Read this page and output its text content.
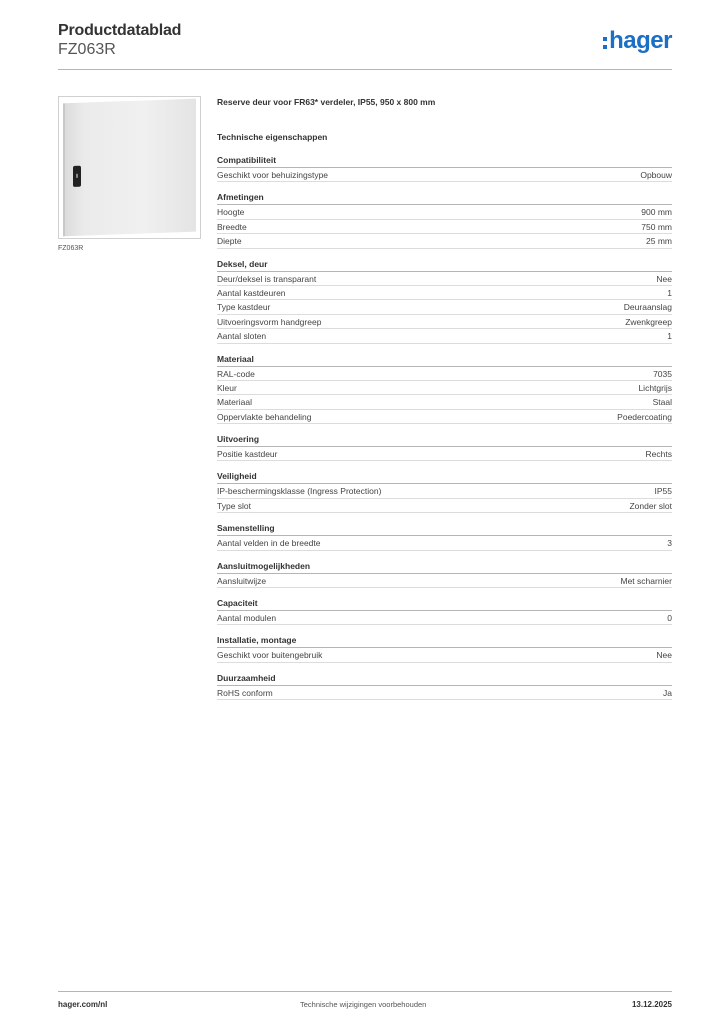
Productdatablad
FZ063R	hager
FZ063R
Reserve deur voor FR63* verdeler, IP55, 950 x 800 mm
Technische eigenschappen
Compatibiliteit
Geschikt voor behuizingstype	Opbouw
Afmetingen
Hoogte	900 mm
Breedte	750 mm
Diepte	25 mm
Deksel, deur
Deur/deksel is transparant	Nee
Aantal kastdeuren	1
Type kastdeur	Deuraanslag
Uitvoeringsvorm handgreep	Zwenkgreep
Aantal sloten	1
Materiaal
RAL-code	7035
Kleur	Lichtgrijs
Materiaal	Staal
Oppervlakte behandeling	Poedercoating
Uitvoering
Positie kastdeur	Rechts
Veiligheid
IP-beschermingsklasse (Ingress Protection)	IP55
Type slot	Zonder slot
Samenstelling
Aantal velden in de breedte	3
Aansluitmogelijkheden
Aansluitwijze	Met scharnier
Capaciteit
Aantal modulen	0
Installatie, montage
Geschikt voor buitengebruik	Nee
Duurzaamheid
RoHS conform	Ja
hager.com/nl	Technische wijzigingen voorbehouden	13.12.2025
